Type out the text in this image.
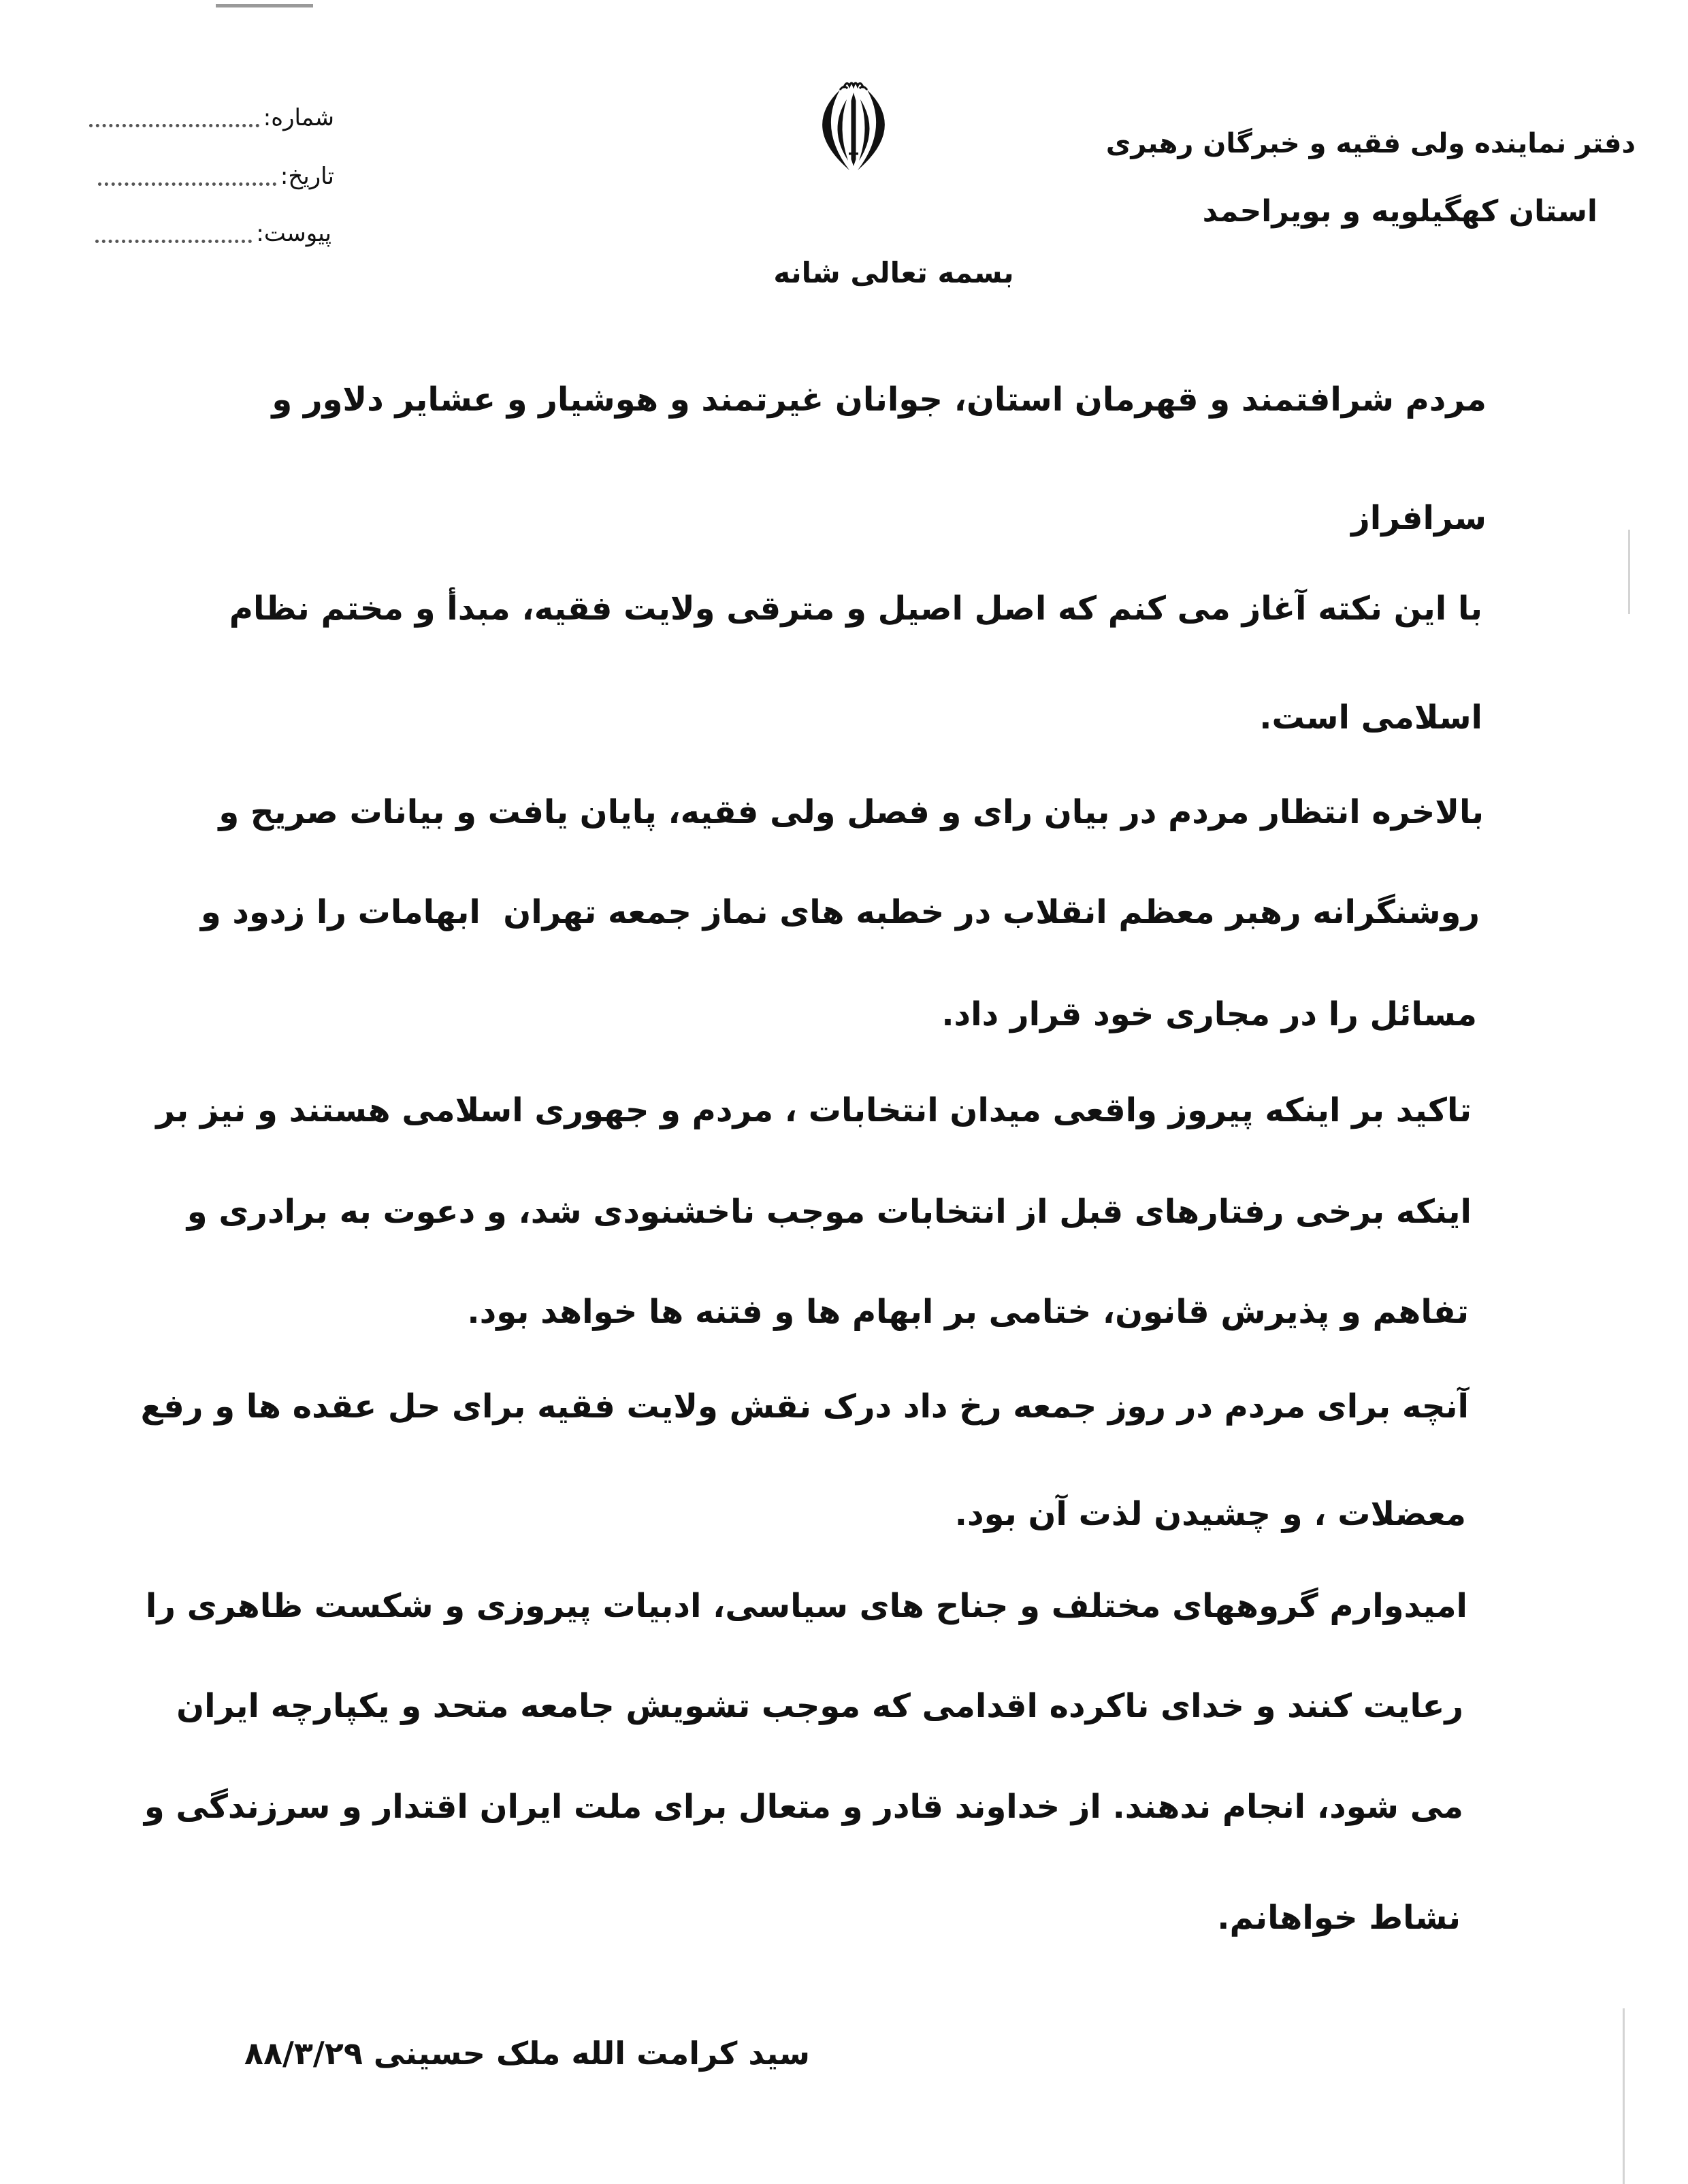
دفتر نماینده ولی فقیه و خبرگان رهبری
استان کهگیلویه و بویراحمد
شماره:
تاریخ:
پیوست:
بسمه تعالی شانه
مردم شرافتمند و قهرمان استان، جوانان غیرتمند و هوشیار و عشایر دلاور و
سرافراز
با این نکته آغاز می کنم که اصل اصیل و مترقی ولایت فقیه، مبدأ و مختم نظام
اسلامی است.
بالاخره انتظار مردم در بیان رای و فصل ولی فقیه، پایان یافت و بیانات صریح و
روشنگرانه رهبر معظم انقلاب در خطبه های نماز جمعه تهران  ابهامات را زدود و
مسائل را در مجاری خود قرار داد.
تاکید بر اینکه پیروز واقعی میدان انتخابات ، مردم و جهوری اسلامی هستند و نیز بر
اینکه برخی رفتارهای قبل از انتخابات موجب ناخشنودی شد، و دعوت به برادری و
تفاهم و پذیرش قانون، ختامی بر ابهام ها و فتنه ها خواهد بود.
آنچه برای مردم در روز جمعه رخ داد درک نقش ولایت فقیه برای حل عقده ها و رفع
معضلات ، و چشیدن لذت آن بود.
امیدوارم گروههای مختلف و جناح های سیاسی، ادبیات پیروزی و شکست ظاهری را
رعایت کنند و خدای ناکرده اقدامی که موجب تشویش جامعه متحد و یکپارچه ایران
می شود، انجام ندهند. از خداوند قادر و متعال برای ملت ایران اقتدار و سرزندگی و
نشاط خواهانم.
سید کرامت الله ملک حسینی ۸۸/۳/۲۹
